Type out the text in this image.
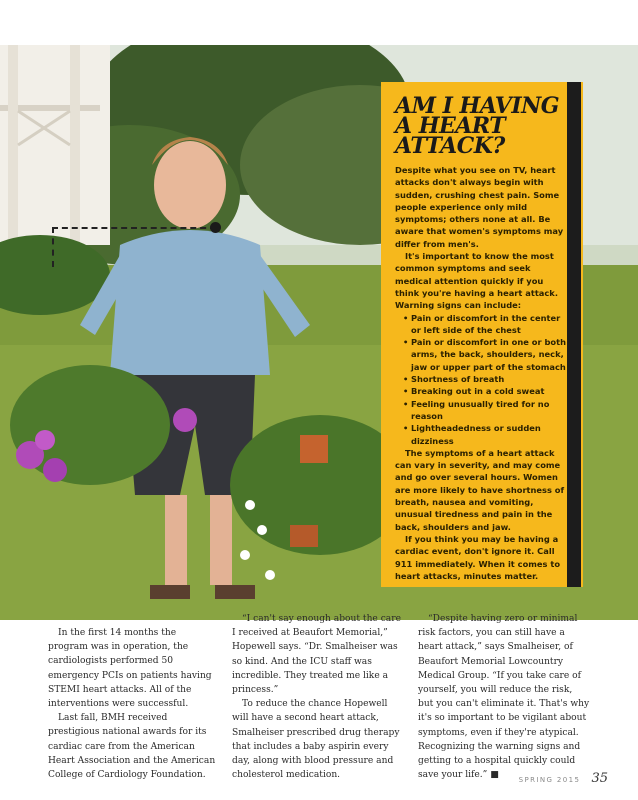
AM I HAVING A HEART ATTACK?

Despite what you see on TV, heart attacks don't always begin with sudden, crushing chest pain. Some people experience only mild symptoms; others none at all. Be aware that women's symptoms may differ from men's.

It's important to know the most common symptoms and seek medical attention quickly if you think you're having a heart attack. Warning signs can include:

• Pain or discomfort in the center or left side of the chest
• Pain or discomfort in one or both arms, the back, shoulders, neck, jaw or upper part of the stomach
• Shortness of breath
• Breaking out in a cold sweat
• Feeling unusually tired for no reason
• Lightheadedness or sudden dizziness

The symptoms of a heart attack can vary in severity, and may come and go over several hours. Women are more likely to have shortness of breath, nausea and vomiting, unusual tiredness and pain in the back, shoulders and jaw.

If you think you may be having a cardiac event, don't ignore it. Call 911 immediately. When it comes to heart attacks, minutes matter.

In the first 14 months the program was in operation, the cardiologists performed 50 emergency PCIs on patients having STEMI heart attacks. All of the interventions were successful.

Last fall, BMH received prestigious national awards for its cardiac care from the American Heart Association and the American College of Cardiology Foundation.

“I can't say enough about the care I received at Beaufort Memorial,” Hopewell says. “Dr. Smalheiser was so kind. And the ICU staff was incredible. They treated me like a princess.”

To reduce the chance Hopewell will have a second heart attack, Smalheiser prescribed drug therapy that includes a baby aspirin every day, along with blood pressure and cholesterol medication.

“Despite having zero or minimal risk factors, you can still have a heart attack,” says Smalheiser, of Beaufort Memorial Lowcountry Medical Group. “If you take care of yourself, you will reduce the risk, but you can't eliminate it. That's why it's so important to be vigilant about symptoms, even if they're atypical. Recognizing the warning signs and getting to a hospital quickly could save your life.” ■	SPRING 2015 35
